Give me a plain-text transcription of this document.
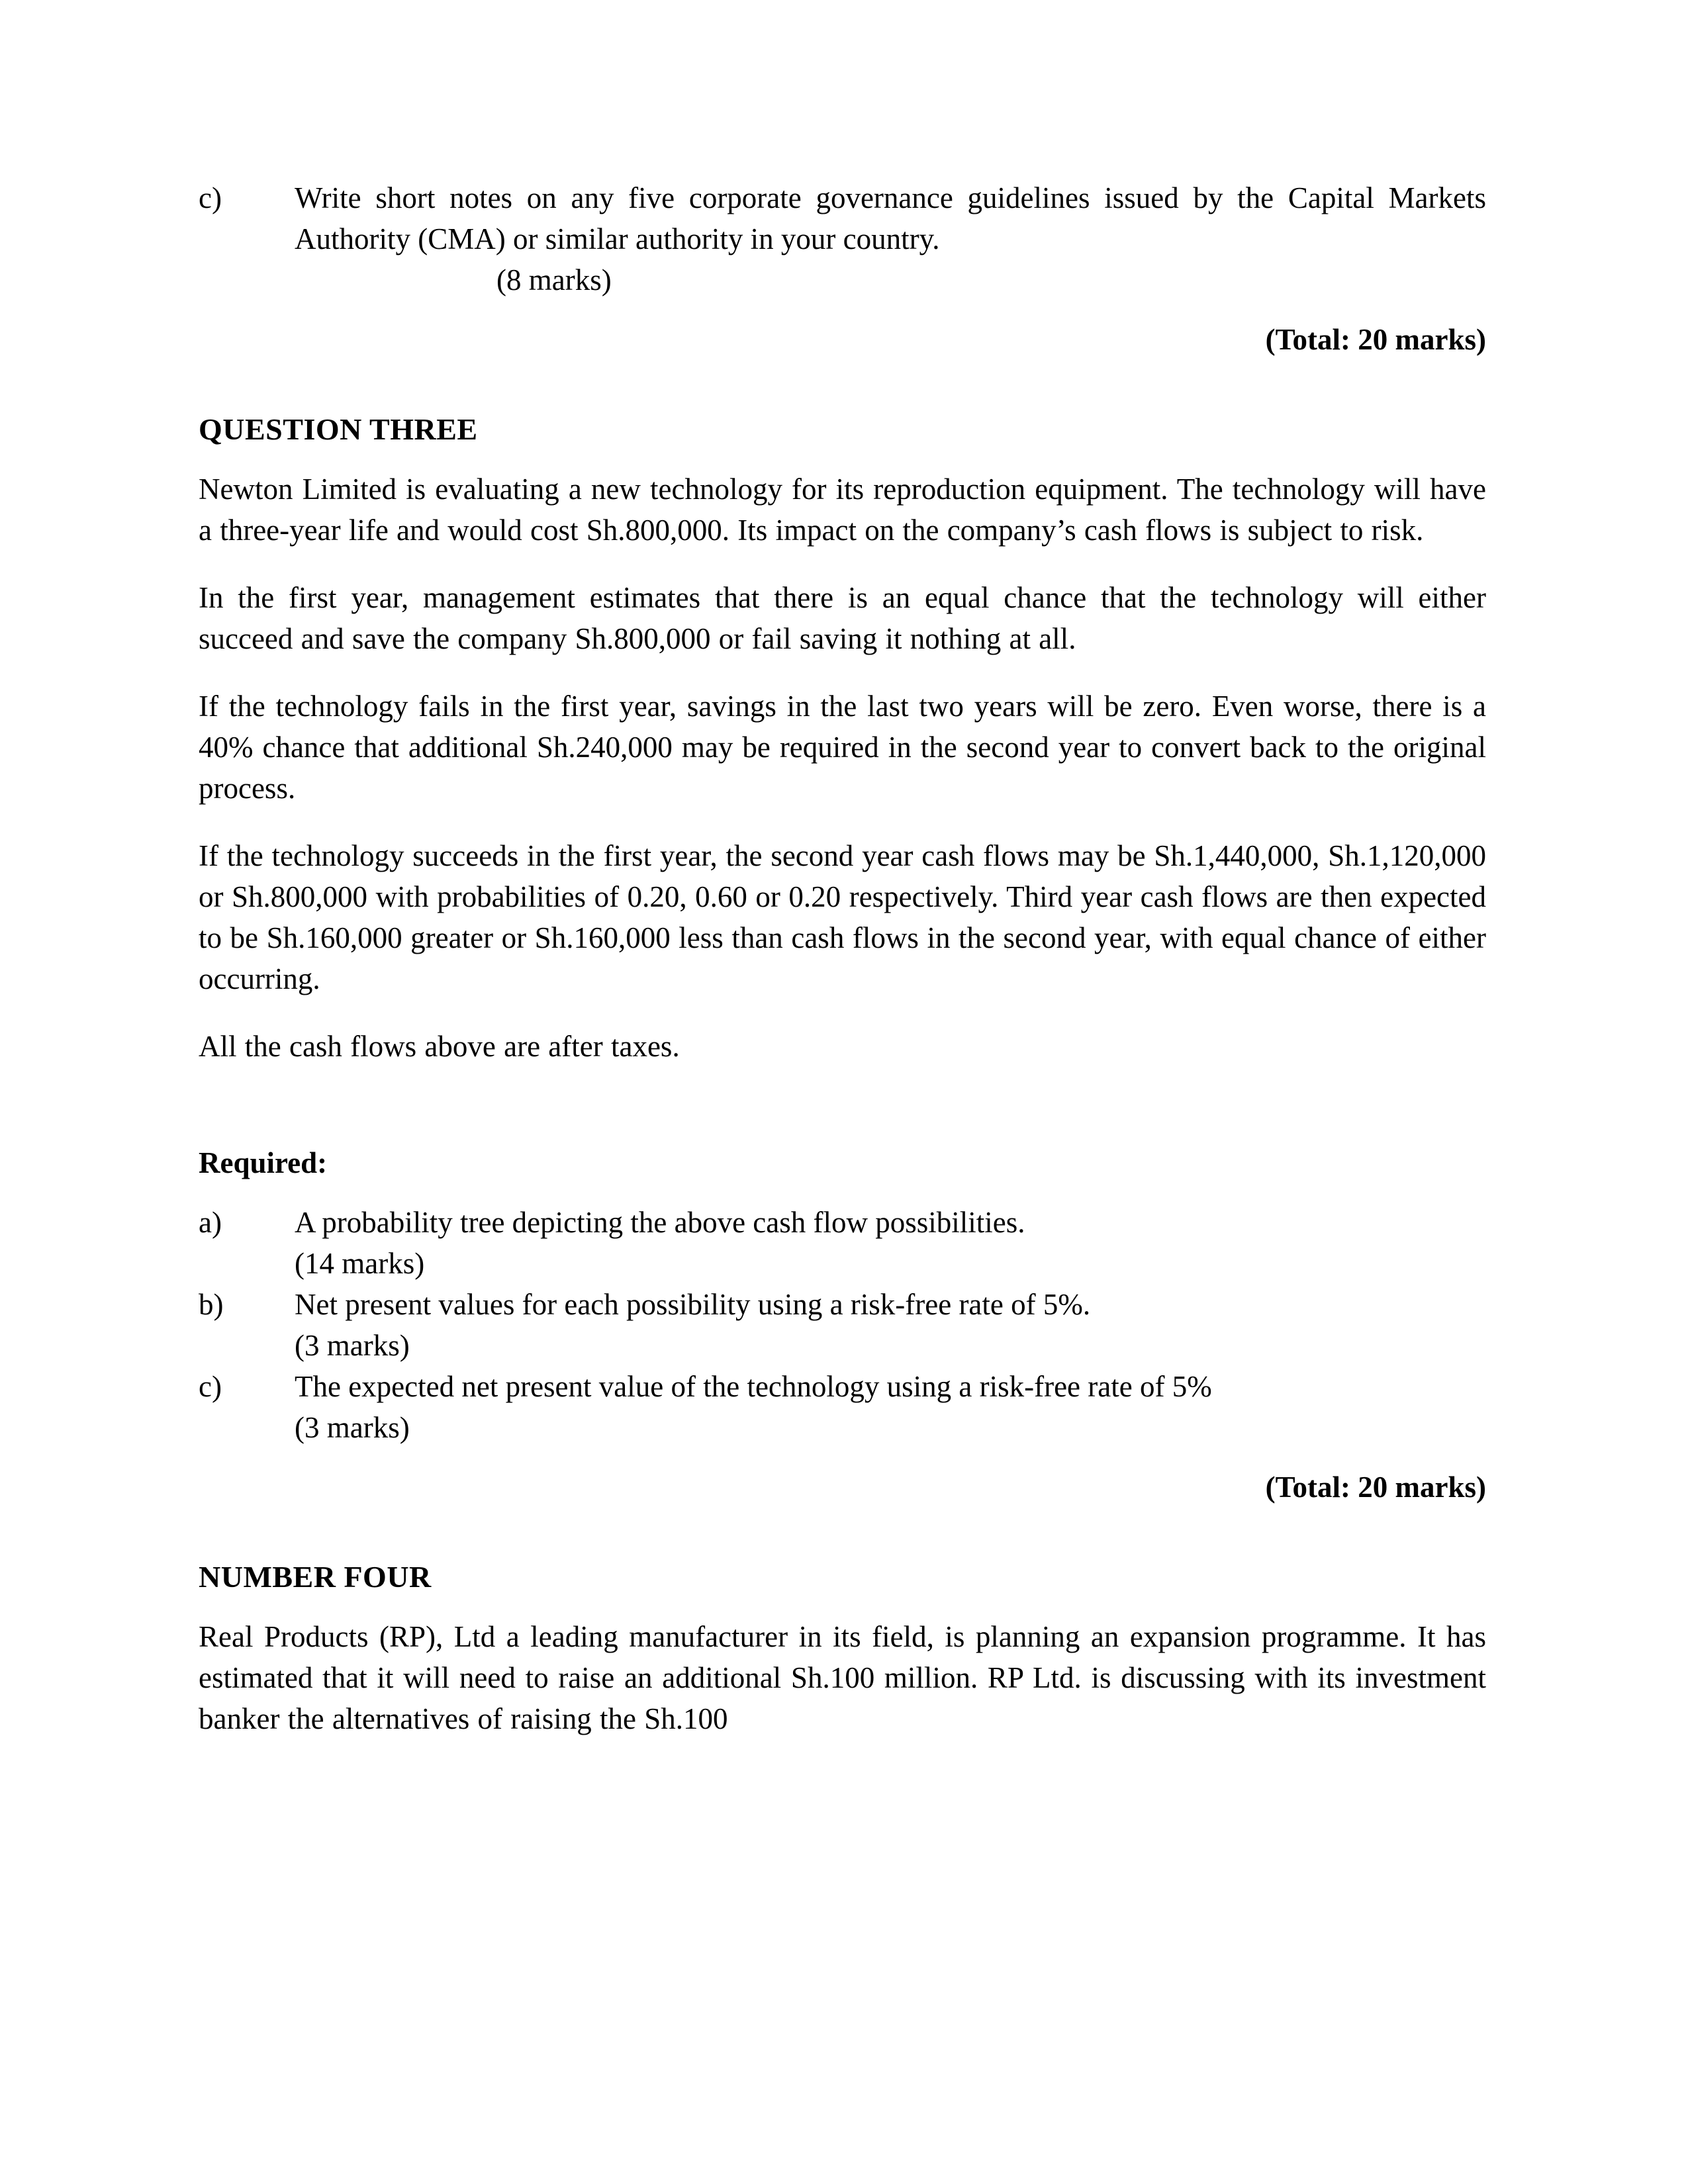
c)	Write short notes on any five corporate governance guidelines issued by the Capital Markets Authority (CMA) or similar authority in your country.
(8 marks)
(Total: 20 marks)
QUESTION THREE

Newton Limited is evaluating a new technology for its reproduction equipment. The technology will have a three-year life and would cost Sh.800,000. Its impact on the company’s cash flows is subject to risk.

In the first year, management estimates that there is an equal chance that the technology will either succeed and save the company Sh.800,000 or fail saving it nothing at all.

If the technology fails in the first year, savings in the last two years will be zero. Even worse, there is a 40% chance that additional Sh.240,000 may be required in the second year to convert back to the original process.

If the technology succeeds in the first year, the second year cash flows may be Sh.1,440,000, Sh.1,120,000 or Sh.800,000 with probabilities of 0.20, 0.60 or 0.20 respectively. Third year cash flows are then expected to be Sh.160,000 greater or Sh.160,000 less than cash flows in the second year, with equal chance of either occurring.

All the cash flows above are after taxes.

Required:
a)	A probability tree depicting the above cash flow possibilities.
(14 marks)
b)	Net present values for each possibility using a risk-free rate of 5%.
(3 marks)
c)	The expected net present value of the technology using a risk-free rate of 5%
(3 marks)
(Total: 20 marks)
NUMBER FOUR

Real Products (RP), Ltd a leading manufacturer in its field, is planning an expansion programme. It has estimated that it will need to raise an additional Sh.100 million. RP Ltd. is discussing with its investment banker the alternatives of raising the Sh.100
